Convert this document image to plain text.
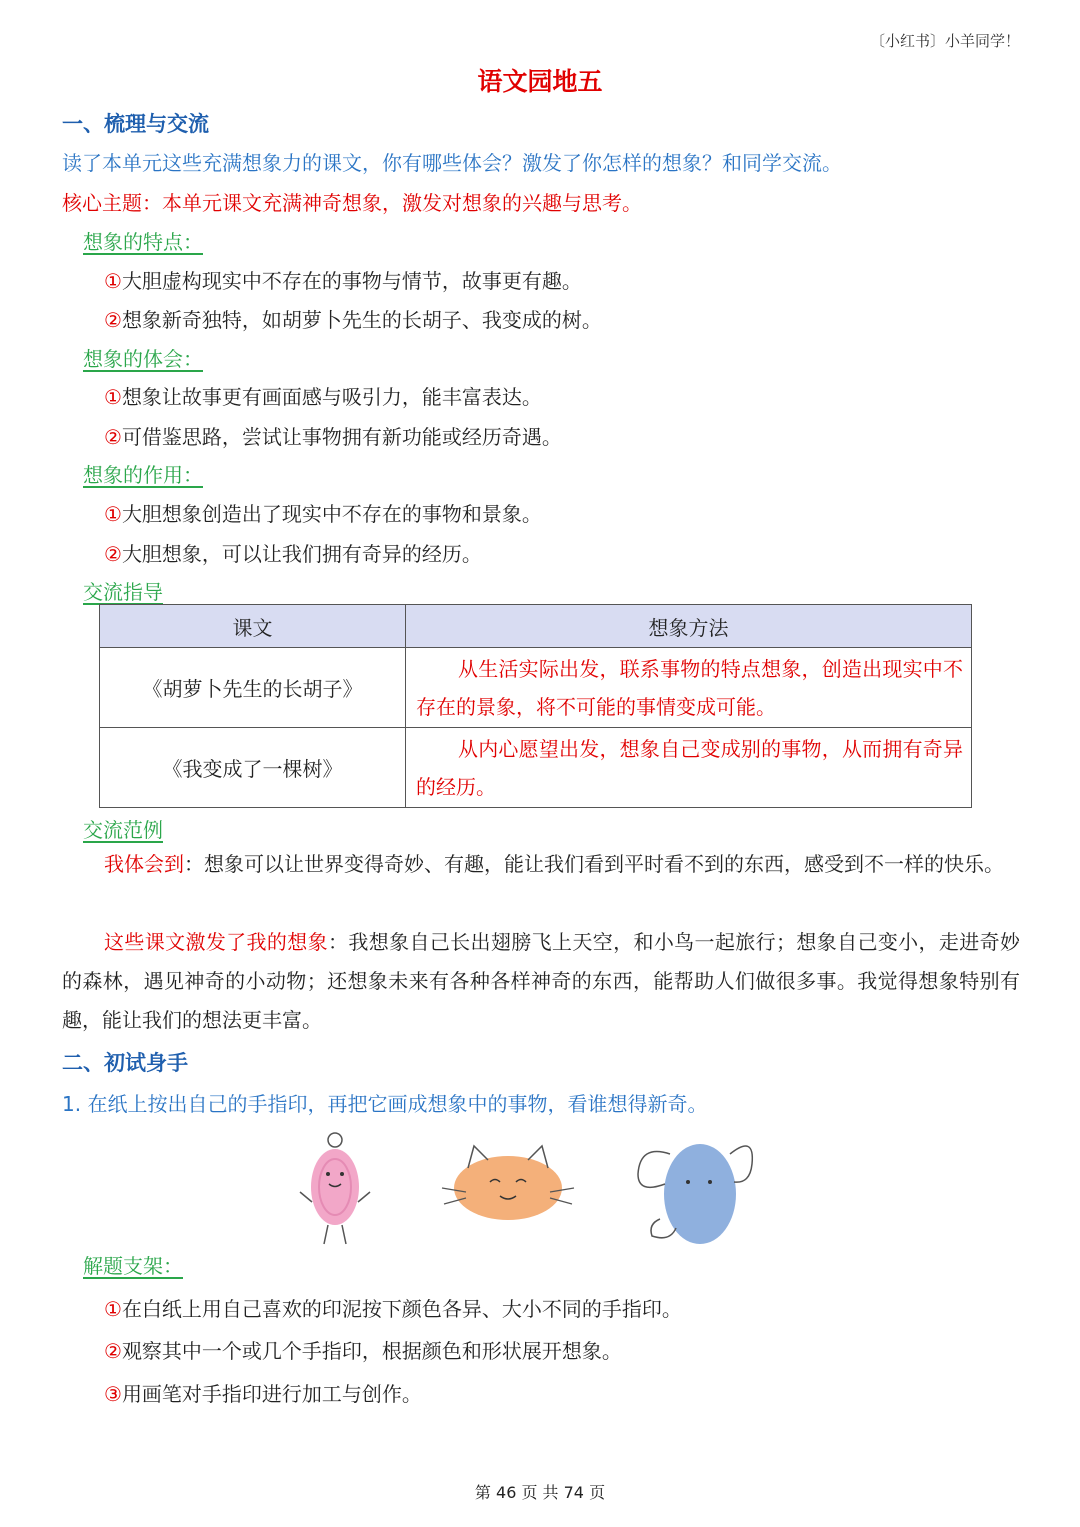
〔小红书〕小羊同学！
语文园地五
一、梳理与交流
读了本单元这些充满想象力的课文，你有哪些体会？激发了你怎样的想象？和同学交流。
核心主题：本单元课文充满神奇想象，激发对想象的兴趣与思考。
想象的特点：
①大胆虚构现实中不存在的事物与情节，故事更有趣。
②想象新奇独特，如胡萝卜先生的长胡子、我变成的树。
想象的体会：
①想象让故事更有画面感与吸引力，能丰富表达。
②可借鉴思路，尝试让事物拥有新功能或经历奇遇。
想象的作用：
①大胆想象创造出了现实中不存在的事物和景象。
②大胆想象，可以让我们拥有奇异的经历。
交流指导
课文	想象方法
《胡萝卜先生的长胡子》	从生活实际出发，联系事物的特点想象，创造出现实中不存在的景象，将不可能的事情变成可能。
《我变成了一棵树》	从内心愿望出发，想象自己变成别的事物，从而拥有奇异的经历。
交流范例
我体会到：想象可以让世界变得奇妙、有趣，能让我们看到平时看不到的东西，感受到不一样的快乐。
这些课文激发了我的想象：我想象自己长出翅膀飞上天空，和小鸟一起旅行；想象自己变小，走进奇妙的森林，遇见神奇的小动物；还想象未来有各种各样神奇的东西，能帮助人们做很多事。我觉得想象特别有趣，能让我们的想法更丰富。
二、初试身手
1. 在纸上按出自己的手指印，再把它画成想象中的事物，看谁想得新奇。
解题支架：
①在白纸上用自己喜欢的印泥按下颜色各异、大小不同的手指印。
②观察其中一个或几个手指印，根据颜色和形状展开想象。
③用画笔对手指印进行加工与创作。
第 46 页 共 74 页
